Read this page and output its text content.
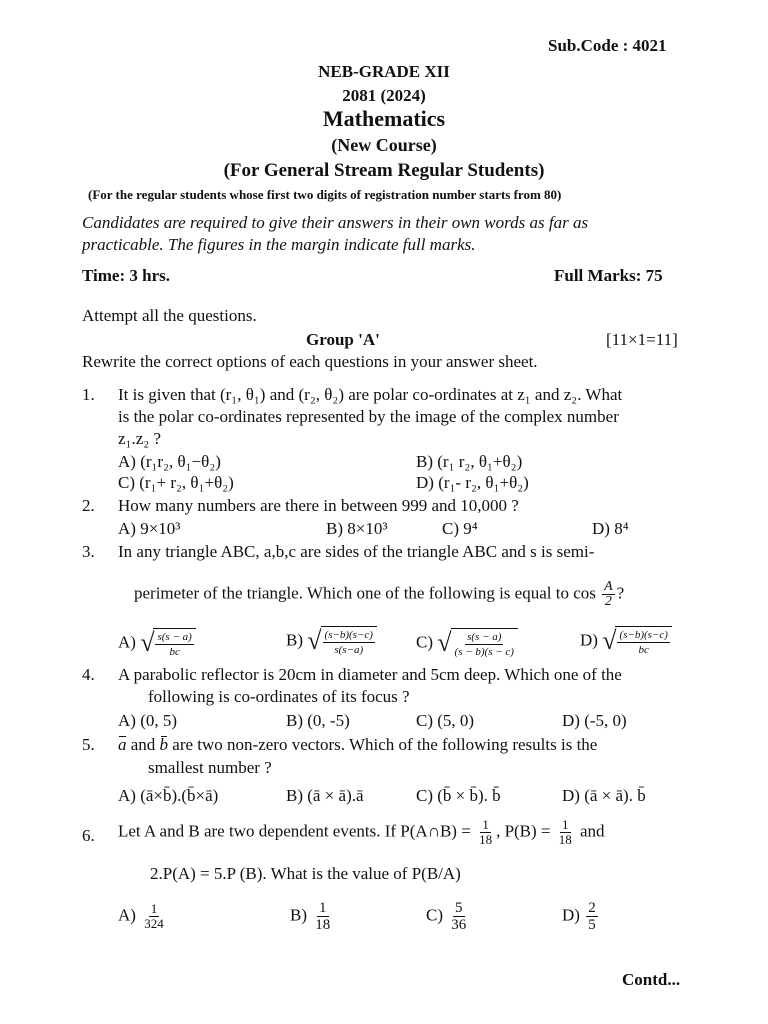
Sub.Code : 4021
NEB-GRADE XII
2081 (2024)
Mathematics
(New Course)
(For General Stream Regular Students)
(For the regular students whose first two digits of registration number starts from 80)
Candidates are required to give their answers in their own words as far as
practicable. The figures in the margin indicate full marks.
Time: 3 hrs.	Full Marks: 75
Attempt all the questions.
Group 'A'	[11×1=11]
Rewrite the correct options of each questions in your answer sheet.
1. It is given that (r₁, θ₁) and (r₂, θ₂) are polar co-ordinates at z₁ and z₂. What
is the polar co-ordinates represented by the image of the complex number
z₁.z₂ ?
A) (r₁r₂, θ₁−θ₂)	B) (r₁ r₂, θ₁+θ₂)
C) (r₁+ r₂, θ₁+θ₂)	D) (r₁- r₂, θ₁+θ₂)
2. How many numbers are there in between 999 and 10,000 ?
A) 9×10³	B) 8×10³	C) 9⁴	D) 8⁴
3. In any triangle ABC, a,b,c are sides of the triangle ABC and s is semi-
perimeter of the triangle. Which one of the following is equal to $\cos \frac{A}{2}$ ?
A) √ $\frac{s(s - a)}{bc}$	B) √ $\frac{(s-b)(s-c)}{s(s-a)} C$) √ $\frac{s(s - a)}{(s - b)(s - c)}$	D) √ $\frac{(s-b)(s-c)}{bc}$
4. A parabolic reflector is 20cm in diameter and 5cm deep. Which one of the
following is co-ordinates of its focus ?
A) (0, 5)	B) (0, -5)	C) (5, 0)	D) (-5, 0)
5. a and b are two non-zero vectors. Which of the following results is the
smallest number ?
A) (ā×b̄).(b̄×ā)	B) (ā × ā).ā	C) (b̄ × b̄). b̄	D) (ā × ā). b̄
6. Let A and B are two dependent events. If P(A∩B) = $\frac{1}{18}$ , $P(B) = \frac{1}{18}$ and
2.P(A) = 5.P (B). What is the value of P(B/A)
$A) \frac{1}{324}$	$B) \frac{1}{18}$	$C) \frac{5}{36}$	$D) \frac{2}{5}$
Contd...
